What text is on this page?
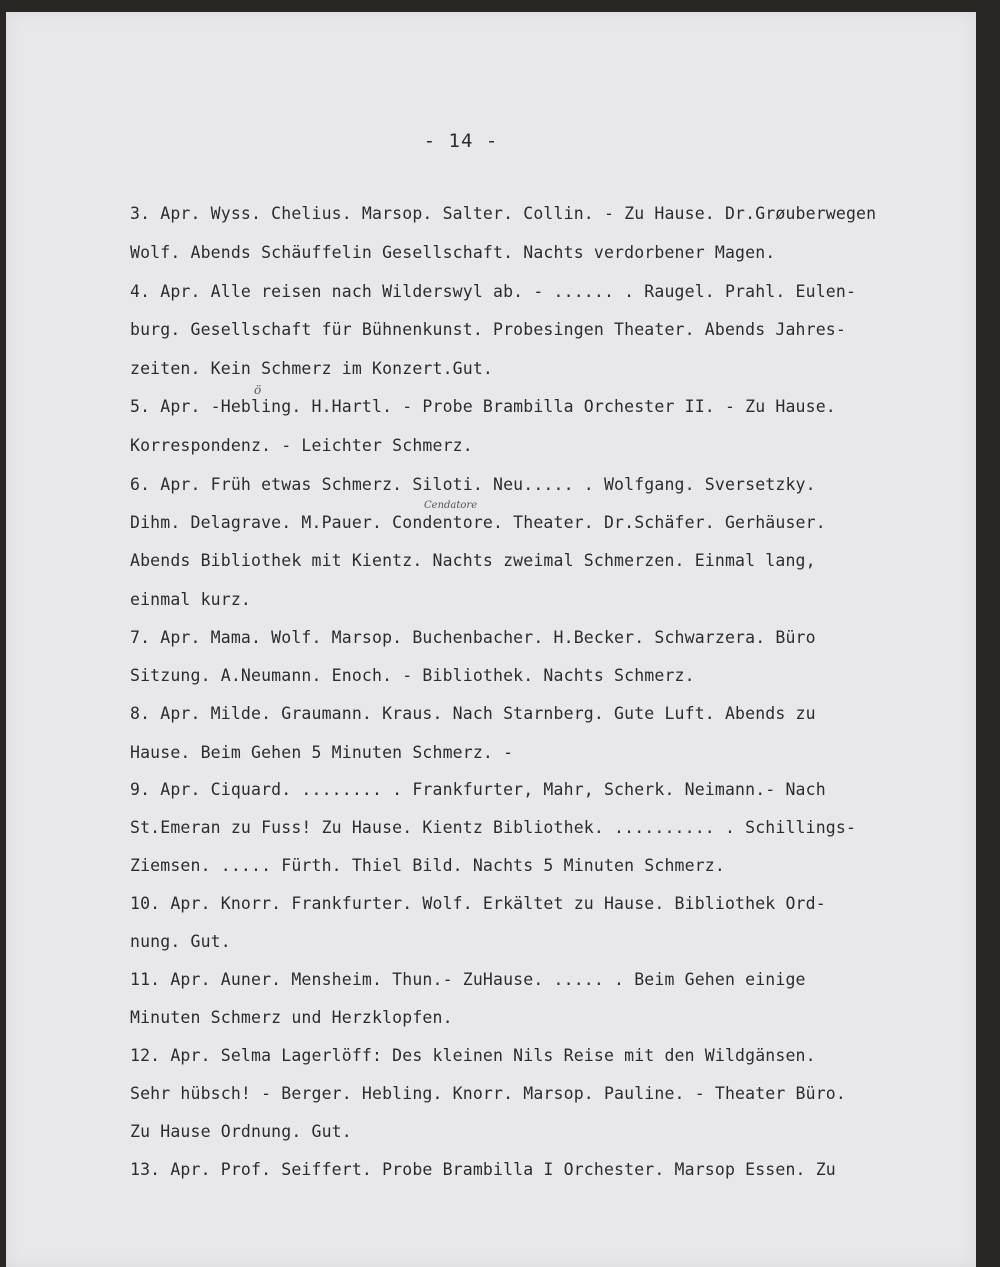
- 14 -
3. Apr. Wyss. Chelius. Marsop. Salter. Collin. - Zu Hause. Dr.Grøuberwegen
Wolf. Abends Schäuffelin Gesellschaft. Nachts verdorbener Magen.
4. Apr. Alle reisen nach Wilderswyl ab. - ...... . Raugel. Prahl. Eulen-
burg. Gesellschaft für Bühnenkunst. Probesingen Theater. Abends Jahres-
zeiten. Kein Schmerz im Konzert.Gut.
5. Apr. -Hebling. H.Hartl. - Probe Brambilla Orchester II. - Zu Hause.
Korrespondenz. - Leichter Schmerz.
6. Apr. Früh etwas Schmerz. Siloti. Neu..... . Wolfgang. Sversetzky.
Dihm. Delagrave. M.Pauer. Condentore. Theater. Dr.Schäfer. Gerhäuser.
Abends Bibliothek mit Kientz. Nachts zweimal Schmerzen. Einmal lang,
einmal kurz.
7. Apr. Mama. Wolf. Marsop. Buchenbacher. H.Becker. Schwarzera. Büro
Sitzung. A.Neumann. Enoch. - Bibliothek. Nachts Schmerz.
8. Apr. Milde. Graumann. Kraus. Nach Starnberg. Gute Luft. Abends zu
Hause. Beim Gehen 5 Minuten Schmerz. -
9. Apr. Ciquard. ........ . Frankfurter, Mahr, Scherk. Neimann.- Nach
St.Emeran zu Fuss! Zu Hause. Kientz Bibliothek. .......... . Schillings-
Ziemsen. ..... Fürth. Thiel Bild. Nachts 5 Minuten Schmerz.
10. Apr. Knorr. Frankfurter. Wolf. Erkältet zu Hause. Bibliothek Ord-
nung. Gut.
11. Apr. Auner. Mensheim. Thun.- ZuHause. ..... . Beim Gehen einige
Minuten Schmerz und Herzklopfen.
12. Apr. Selma Lagerlöff: Des kleinen Nils Reise mit den Wildgänsen.
Sehr hübsch! - Berger. Hebling. Knorr. Marsop. Pauline. - Theater Büro.
Zu Hause Ordnung. Gut.
13. Apr. Prof. Seiffert. Probe Brambilla I Orchester. Marsop Essen. Zu
Cendatore
ö
